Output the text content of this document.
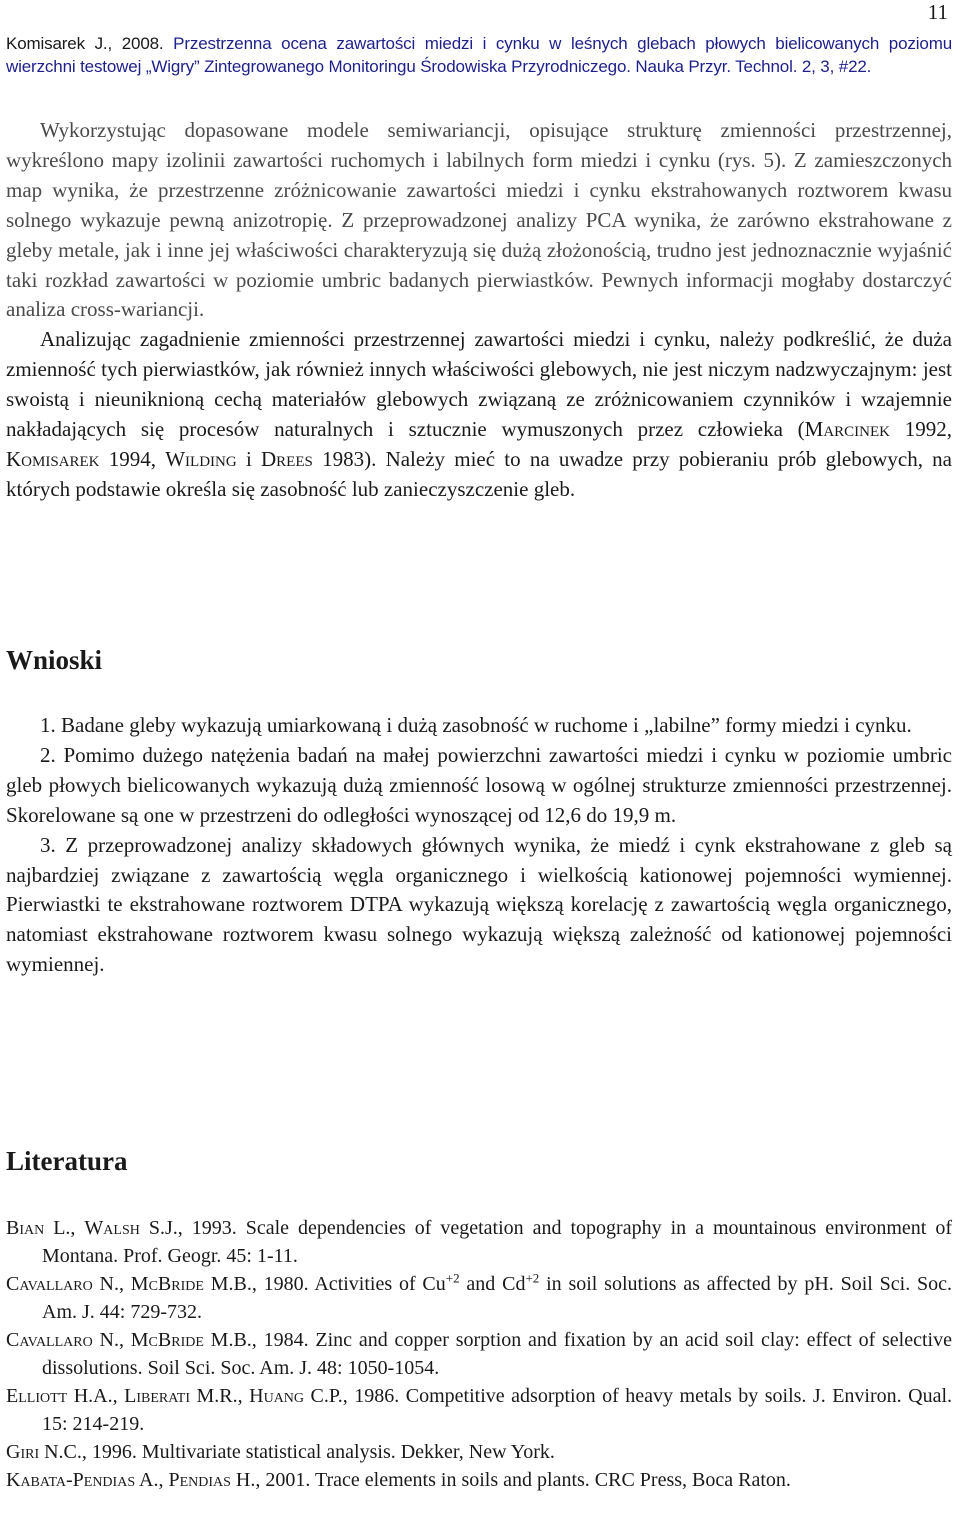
11
Komisarek J., 2008. Przestrzenna ocena zawartości miedzi i cynku w leśnych glebach płowych bielicowanych poziomu wierzchni testowej „Wigry” Zintegrowanego Monitoringu Środowiska Przyrodniczego. Nauka Przyr. Technol. 2, 3, #22.

Wykorzystując dopasowane modele semiwariancji, opisujące strukturę zmienności przestrzennej, wykreślono mapy izolinii zawartości ruchomych i labilnych form miedzi i cynku (rys. 5). Z zamieszczonych map wynika, że przestrzenne zróżnicowanie zawartości miedzi i cynku ekstrahowanych roztworem kwasu solnego wykazuje pewną anizotropię. Z przeprowadzonej analizy PCA wynika, że zarówno ekstrahowane z gleby metale, jak i inne jej właściwości charakteryzują się dużą złożonością, trudno jest jednoznacznie wyjaśnić taki rozkład zawartości w poziomie umbric badanych pierwiastków. Pewnych informacji mogłaby dostarczyć analiza cross-wariancji.

Analizując zagadnienie zmienności przestrzennej zawartości miedzi i cynku, należy podkreślić, że duża zmienność tych pierwiastków, jak również innych właściwości glebowych, nie jest niczym nadzwyczajnym: jest swoistą i nieuniknioną cechą materiałów glebowych związaną ze zróżnicowaniem czynników i wzajemnie nakładających się procesów naturalnych i sztucznie wymuszonych przez człowieka (Marcinek 1992, Komisarek 1994, Wilding i Drees 1983). Należy mieć to na uwadze przy pobieraniu prób glebowych, na których podstawie określa się zasobność lub zanieczyszczenie gleb.

Wnioski

1. Badane gleby wykazują umiarkowaną i dużą zasobność w ruchome i „labilne” formy miedzi i cynku.

2. Pomimo dużego natężenia badań na małej powierzchni zawartości miedzi i cynku w poziomie umbric gleb płowych bielicowanych wykazują dużą zmienność losową w ogólnej strukturze zmienności przestrzennej. Skorelowane są one w przestrzeni do odległości wynoszącej od 12,6 do 19,9 m.

3. Z przeprowadzonej analizy składowych głównych wynika, że miedź i cynk ekstrahowane z gleb są najbardziej związane z zawartością węgla organicznego i wielkością kationowej pojemności wymiennej. Pierwiastki te ekstrahowane roztworem DTPA wykazują większą korelację z zawartością węgla organicznego, natomiast ekstrahowane roztworem kwasu solnego wykazują większą zależność od kationowej pojemności wymiennej.

Literatura

Bian L., Walsh S.J., 1993. Scale dependencies of vegetation and topography in a mountainous environment of Montana. Prof. Geogr. 45: 1-11.

Cavallaro N., McBride M.B., 1980. Activities of $Cu^{+2}$ and $Cd^{+2}$ in soil solutions as affected by pH. Soil Sci. Soc. Am. J. 44: 729-732.

Cavallaro N., McBride M.B., 1984. Zinc and copper sorption and fixation by an acid soil clay: effect of selective dissolutions. Soil Sci. Soc. Am. J. 48: 1050-1054.

Elliott H.A., Liberati M.R., Huang C.P., 1986. Competitive adsorption of heavy metals by soils. J. Environ. Qual. 15: 214-219.

Giri N.C., 1996. Multivariate statistical analysis. Dekker, New York.

Kabata-Pendias A., Pendias H., 2001. Trace elements in soils and plants. CRC Press, Boca Raton.
